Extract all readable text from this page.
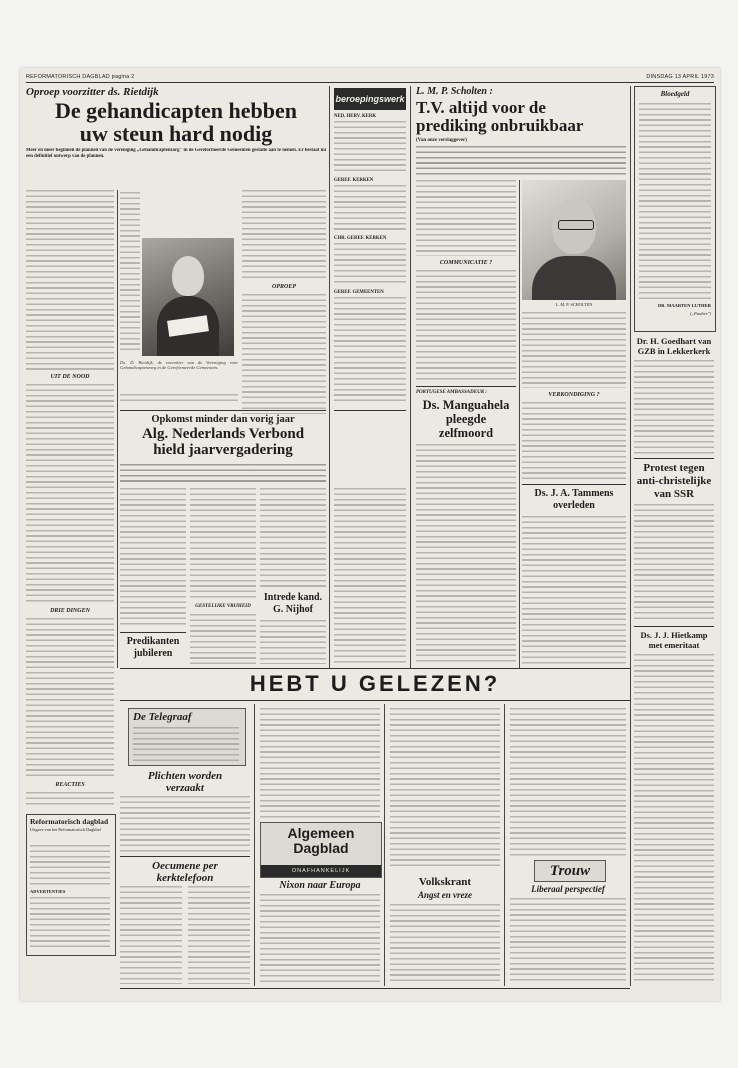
REFORMATORISCH DAGBLAD pagina 2	DINSDAG 13 APRIL 1973
Oproep voorzitter ds. Rietdijk
De gehandicapten hebben
uw steun hard nodig
Meer en meer beginnen de plannen van de vereniging „Gehandicaptenzorg" in de Gereformeerde Gemeenten gestalte aan te nemen. Er bestaat nu een definitief ontwerp van de plannen.
UIT DE NOOD
DRIE DINGEN
REACTIES
Reformatorisch dagblad
Uitgave van het Reformatorisch Dagblad
ADVERTENTIES
Ds. D. Rietdijk, de voorzitter van de Vereniging voor Gehandicaptenzorg in de Gereformeerde Gemeenten.
OPROEP
Opkomst minder dan vorig jaar
Alg. Nederlands Verbond
hield jaarvergadering
GESTELIJKE VRIJHEID
Intrede kand.
G. Nijhof
Predikanten
jubileren
beroepingswerk
NED. HERV. KERK
GEREF. KERKEN
CHR. GEREF. KERKEN
GEREF. GEMEENTEN
L. M. P. Scholten :
T.V. altijd voor de
prediking onbruikbaar
(Van onze verslaggever)
COMMUNICATIE ?
L. M. P. SCHOLTEN
VERKONDIGING ?
PORTUGESE AMBASSADEUR :
Ds. Manguahela
pleegde
zelfmoord
Ds. J. A. Tammens
overleden
Bloedgeld
DR. MAARTEN LUTHER
(„Pauber")
Dr. H. Goedhart van
GZB in Lekkerkerk
Protest tegen
anti-christelijke
van SSR
Ds. J. J. Hietkamp
met emeritaat
HEBT U GELEZEN?
De Telegraaf
Plichten worden
verzaakt
Oecumene per
kerktelefoon
Algemeen
Dagblad
ONAFHANKELIJK
Nixon naar Europa	Volkskrant
Angst en vreze
Trouw
Liberaal perspectief
